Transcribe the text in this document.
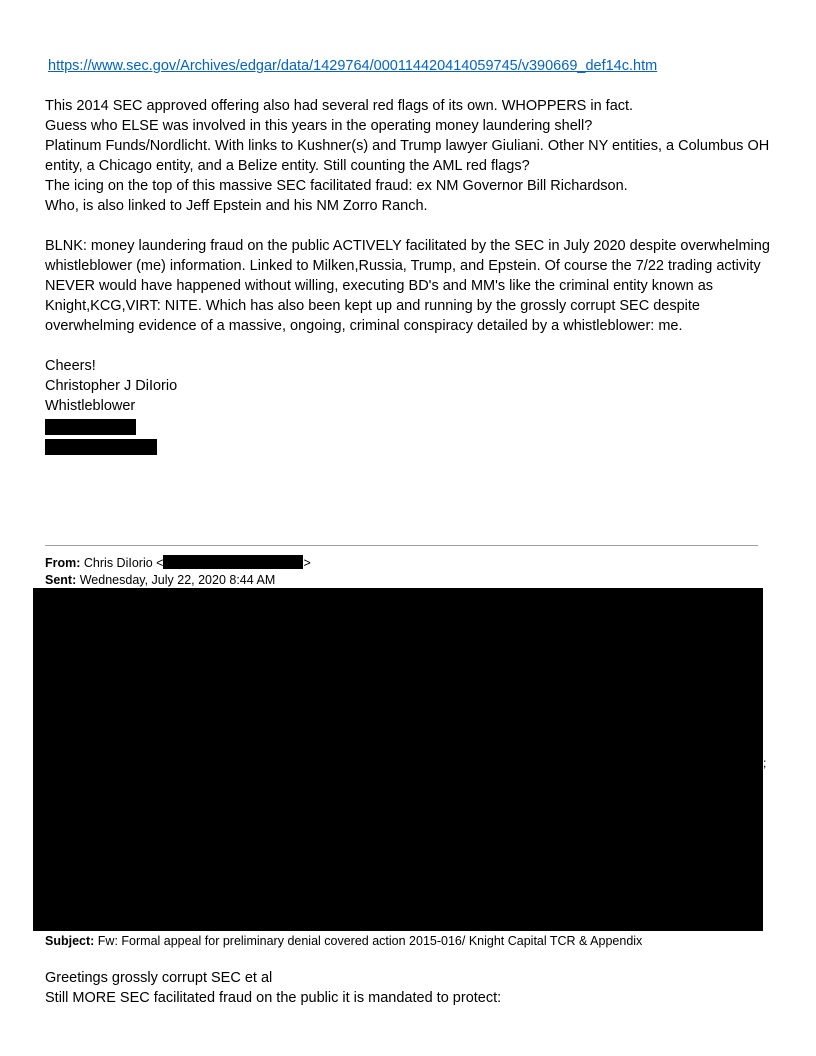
https://www.sec.gov/Archives/edgar/data/1429764/000114420414059745/v390669_def14c.htm

This 2014 SEC approved offering also had several red flags of its own. WHOPPERS in fact.

Guess who ELSE was involved in this years in the operating money laundering shell?

Platinum Funds/Nordlicht. With links to Kushner(s) and Trump lawyer Giuliani. Other NY entities, a Columbus OH entity, a Chicago entity, and a Belize entity. Still counting the AML red flags?

The icing on the top of this massive SEC facilitated fraud: ex NM Governor Bill Richardson.

Who, is also linked to Jeff Epstein and his NM Zorro Ranch.

BLNK: money laundering fraud on the public ACTIVELY facilitated by the SEC in July 2020 despite overwhelming whistleblower (me) information. Linked to Milken,Russia, Trump, and Epstein. Of course the 7/22 trading activity NEVER would have happened without willing, executing BD's and MM's like the criminal entity known as Knight,KCG,VIRT: NITE. Which has also been kept up and running by the grossly corrupt SEC despite overwhelming evidence of a massive, ongoing, criminal conspiracy detailed by a whistleblower: me.

Cheers!

Christopher J DiIorio

Whistleblower

From: Chris DiIorio <	>
Sent: Wednesday, July 22, 2020 8:44 AM
;
Subject: Fw: Formal appeal for preliminary denial covered action 2015-016/ Knight Capital TCR & Appendix

Greetings grossly corrupt SEC et al

Still MORE SEC facilitated fraud on the public it is mandated to protect:
